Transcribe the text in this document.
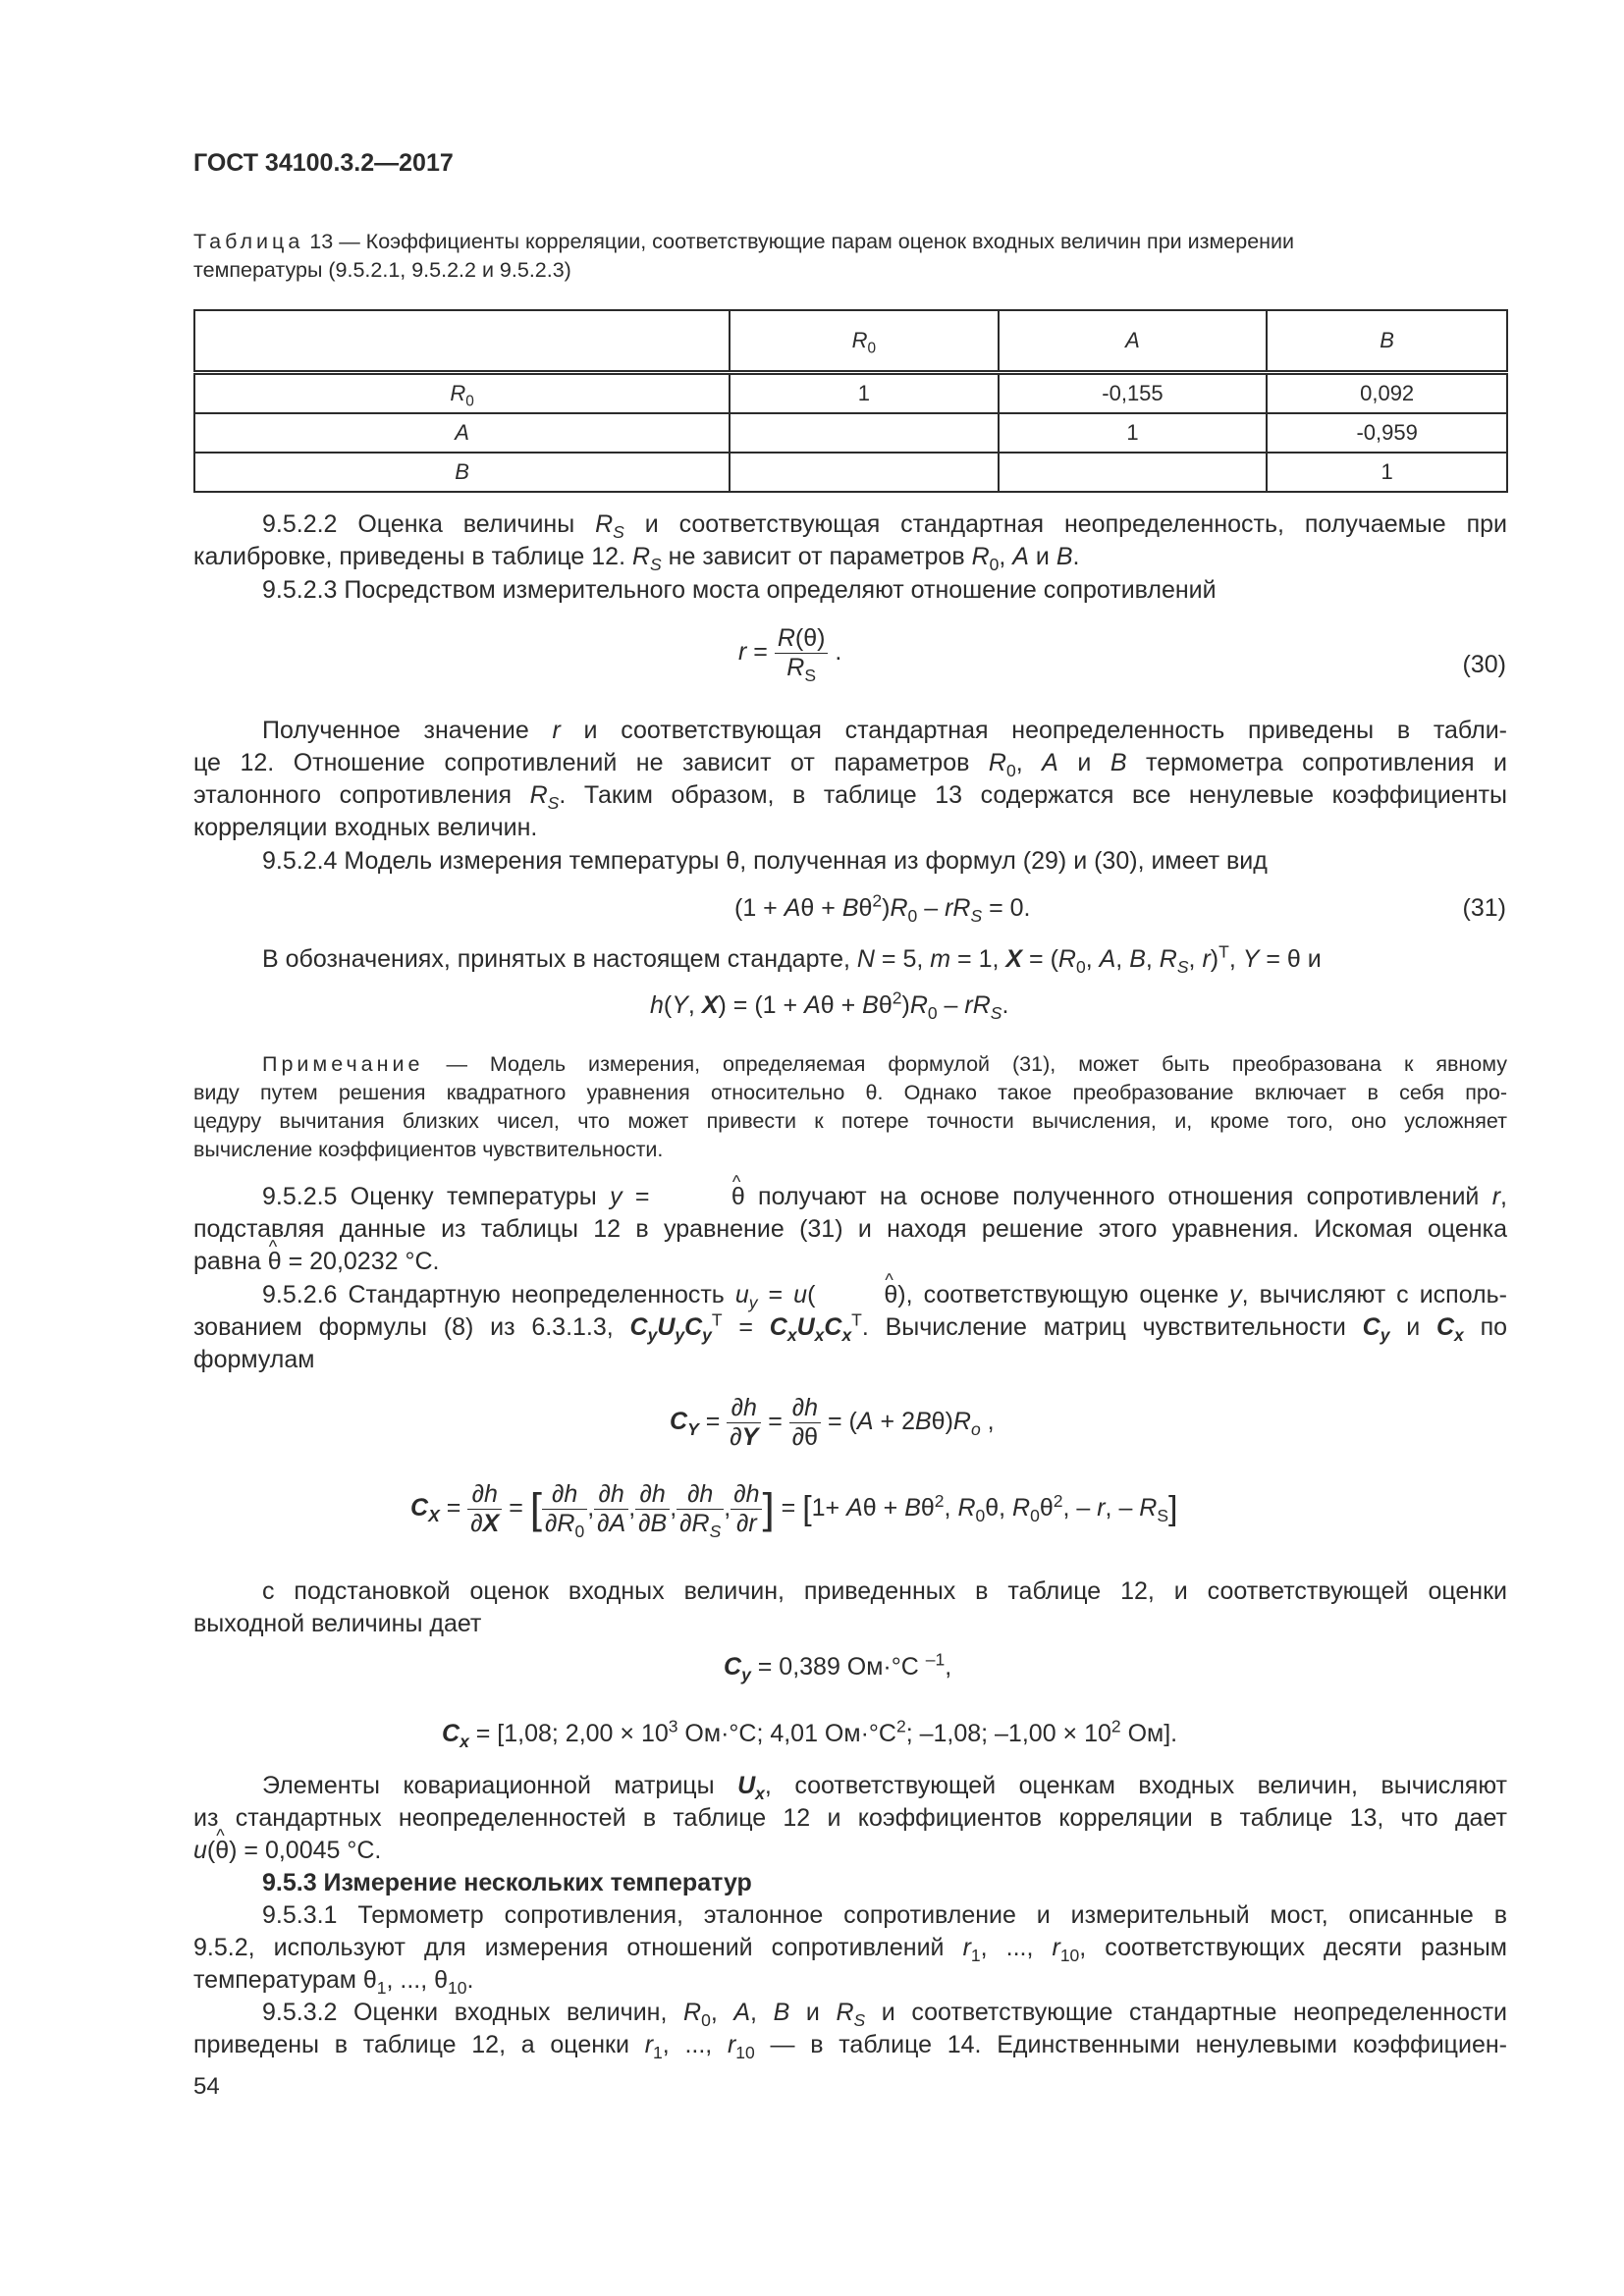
ГОСТ 34100.3.2—2017
Таблица 13 — Коэффициенты корреляции, соответствующие парам оценок входных величин при измерении
температуры (9.5.2.1, 9.5.2.2 и 9.5.2.3)
	$R_0$	A	B
$R_0$	1	-0,155	0,092
A		1	-0,959
B			1
9.5.2.2 Оценка величины $R_S$ и соответствующая стандартная неопределенность, получаемые при
калибровке, приведены в таблице 12. $R_S$ не зависит от параметров $R_0$, A и B.
9.5.2.3 Посредством измерительного моста определяют отношение сопротивлений
$r = \frac{R(\theta)}{R_S}$ .	(30)
Полученное значение r и соответствующая стандартная неопределенность приведены в табли-
це 12. Отношение сопротивлений не зависит от параметров $R_0$, A и B термометра сопротивления и
эталонного сопротивления $R_S$. Таким образом, в таблице 13 содержатся все ненулевые коэффициенты
корреляции входных величин.
9.5.2.4 Модель измерения температуры θ, полученная из формул (29) и (30), имеет вид
$(1 + A\theta + B\theta^2)R_0 - rR_S = 0$.	(31)
В обозначениях, принятых в настоящем стандарте, N = 5, m = 1, $X = (R_0$, A, B, $R_S$, r)$^T$, Y = θ и
h(Y, $X) = (1 + A\theta + B\theta^2)R_0 - rR_S$.
Примечание — Модель измерения, определяемая формулой (31), может быть преобразована к явному
виду путем решения квадратного уравнения относительно θ. Однако такое преобразование включает в себя про-
цедуру вычитания близких чисел, что может привести к потере точности вычисления, и, кроме того, оно усложняет
вычисление коэффициентов чувствительности.
9.5.2.5 Оценку температуры y =	^ θ получают на основе полученного отношения сопротивлений r,
подставляя данные из таблицы 12 в уравнение (31) и находя решение этого уравнения. Искомая оценка
равна ^ θ = 20,0232 °С.
9.5.2.6 Стандартную неопределенность $u_y = u$(	^ θ), соответствующую оценке y, вычисляют с исполь-
зованием формулы (8) из 6.3.1.3, $C_yU_yC_y^T = C_xU_xC_x^T$. Вычисление матриц чувствительности $C_y$ и $C_x$ по
формулам
$C_Y = \frac{\partial h}{\partial Y} = \frac{\partial h}{\partial\theta} = (A + 2B\theta)R_o$ ,
$C_X = \frac{\partial h}{\partial X}$ = [ $\frac{\partial h}{\partial R_0}$ , $\frac{\partial h}{\partial A}$ , $\frac{\partial h}{\partial B}$ , $\frac{\partial h}{\partial R_S}$ , $\frac{\partial h}{\partial r}$ ] = [$1+ A\theta + B\theta^2$, $R_0\theta$, $R_0\theta^2$, – r, – $R_S$]
с подстановкой оценок входных величин, приведенных в таблице 12, и соответствующей оценки
выходной величины дает
$C_y = 0,389$ Ом·°С $^{-1}$,
$C_x = [1,08$; $2,00 \times 10^3$ Ом·°С; 4,01 $Ом\cdot^\circ С^2$; –1,08; $-1,00 \times 10^2$ Ом].
Элементы ковариационной матрицы $U_x$, соответствующей оценкам входных величин, вычисляют
из стандартных неопределенностей в таблице 12 и коэффициентов корреляции в таблице 13, что дает
u(^ θ) = 0,0045 °С.
9.5.3 Измерение нескольких температур
9.5.3.1 Термометр сопротивления, эталонное сопротивление и измерительный мост, описанные в
9.5.2, используют для измерения отношений сопротивлений $r_1$, ..., $r_{10}$, соответствующих десяти разным
температурам $\theta_1$, ..., $\theta_{10}$.
9.5.3.2 Оценки входных величин, $R_0$, A, B и $R_S$ и соответствующие стандартные неопределенности
приведены в таблице 12, а оценки $r_1$, ..., $r_{10}$ — в таблице 14. Единственными ненулевыми коэффициен-
54
